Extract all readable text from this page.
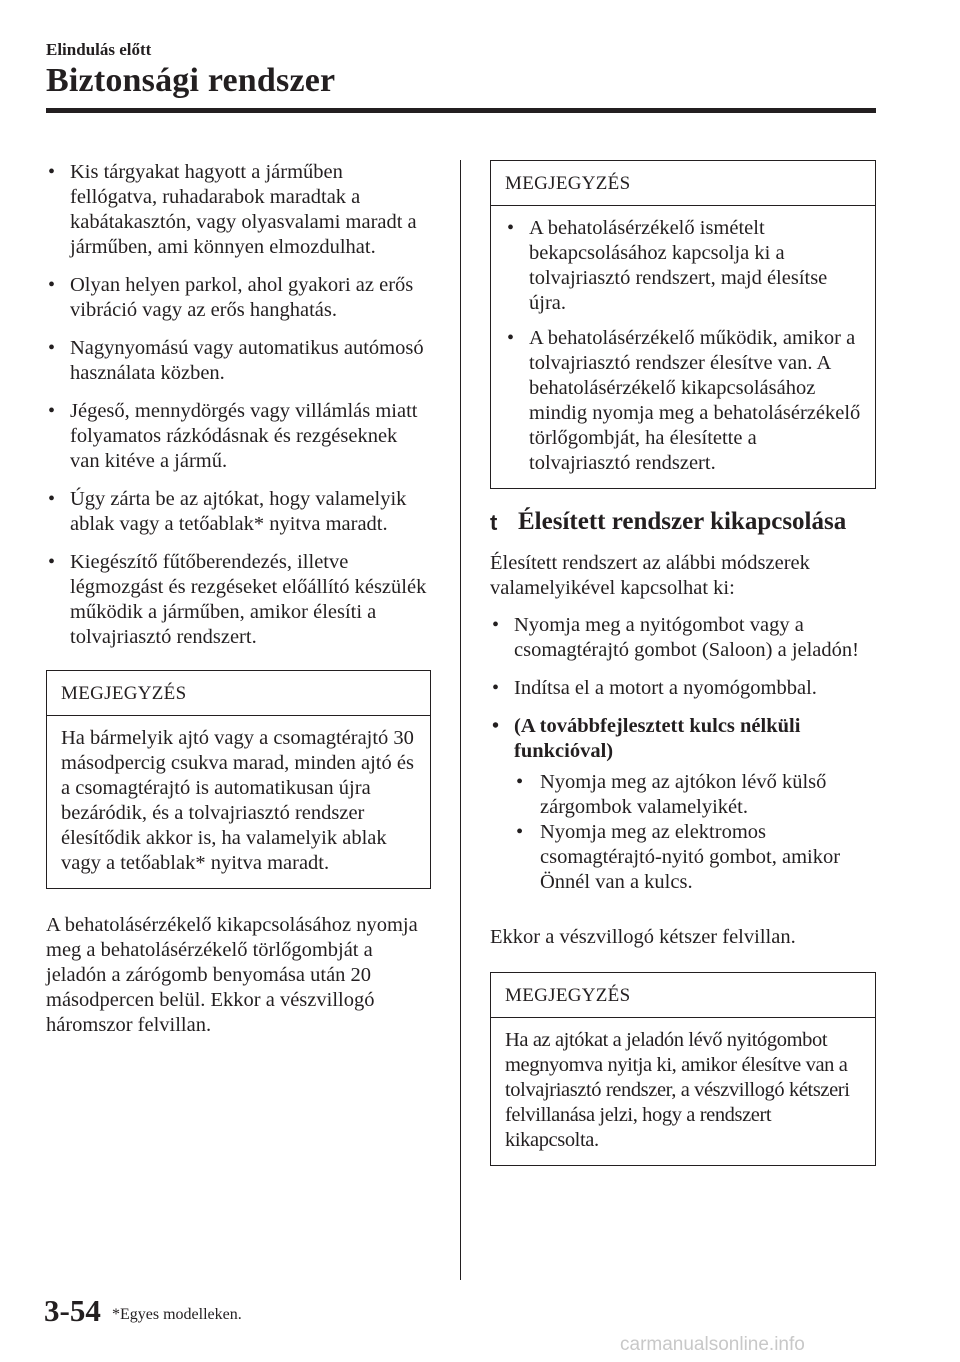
Elindulás előtt
Biztonsági rendszer
• Kis tárgyakat hagyott a járműben fellógatva, ruhadarabok maradtak a kabátakasztón, vagy olyasvalami maradt a járműben, ami könnyen elmozdulhat.
• Olyan helyen parkol, ahol gyakori az erős vibráció vagy az erős hanghatás.
• Nagynyomású vagy automatikus autómosó használata közben.
• Jégeső, mennydörgés vagy villámlás miatt folyamatos rázkódásnak és rezgéseknek van kitéve a jármű.
• Úgy zárta be az ajtókat, hogy valamelyik ablak vagy a tetőablak* nyitva maradt.
• Kiegészítő fűtőberendezés, illetve légmozgást és rezgéseket előállító készülék működik a járműben, amikor élesíti a tolvajriasztó rendszert.
MEGJEGYZÉS
Ha bármelyik ajtó vagy a csomagtérajtó 30 másodpercig csukva marad, minden ajtó és a csomagtérajtó is automatikusan újra bezáródik, és a tolvajriasztó rendszer élesítődik akkor is, ha valamelyik ablak vagy a tetőablak* nyitva maradt.

A behatolásérzékelő kikapcsolásához nyomja meg a behatolásérzékelő törlőgombját a jeladón a zárógomb benyomása után 20 másodpercen belül. Ekkor a vészvillogó háromszor felvillan.

MEGJEGYZÉS
• A behatolásérzékelő ismételt bekapcsolásához kapcsolja ki a tolvajriasztó rendszert, majd élesítse újra.
• A behatolásérzékelő működik, amikor a tolvajriasztó rendszer élesítve van. A behatolásérzékelő kikapcsolásához mindig nyomja meg a behatolásérzékelő törlőgombját, ha élesítette a tolvajriasztó rendszert.
t Élesített rendszer kikapcsolása

Élesített rendszert az alábbi módszerek valamelyikével kapcsolhat ki:

• Nyomja meg a nyitógombot vagy a csomagtérajtó gombot (Saloon) a jeladón!
• Indítsa el a motort a nyomógombbal.
• (A továbbfejlesztett kulcs nélküli funkcióval)
• Nyomja meg az ajtókon lévő külső zárgombok valamelyikét.
• Nyomja meg az elektromos csomagtérajtó-nyitó gombot, amikor Önnél van a kulcs.

Ekkor a vészvillogó kétszer felvillan.

MEGJEGYZÉS
Ha az ajtókat a jeladón lévő nyitógombot megnyomva nyitja ki, amikor élesítve van a tolvajriasztó rendszer, a vészvillogó kétszeri felvillanása jelzi, hogy a rendszert kikapcsolta.
3-54 *Egyes modelleken.
carmanualsonline.info
